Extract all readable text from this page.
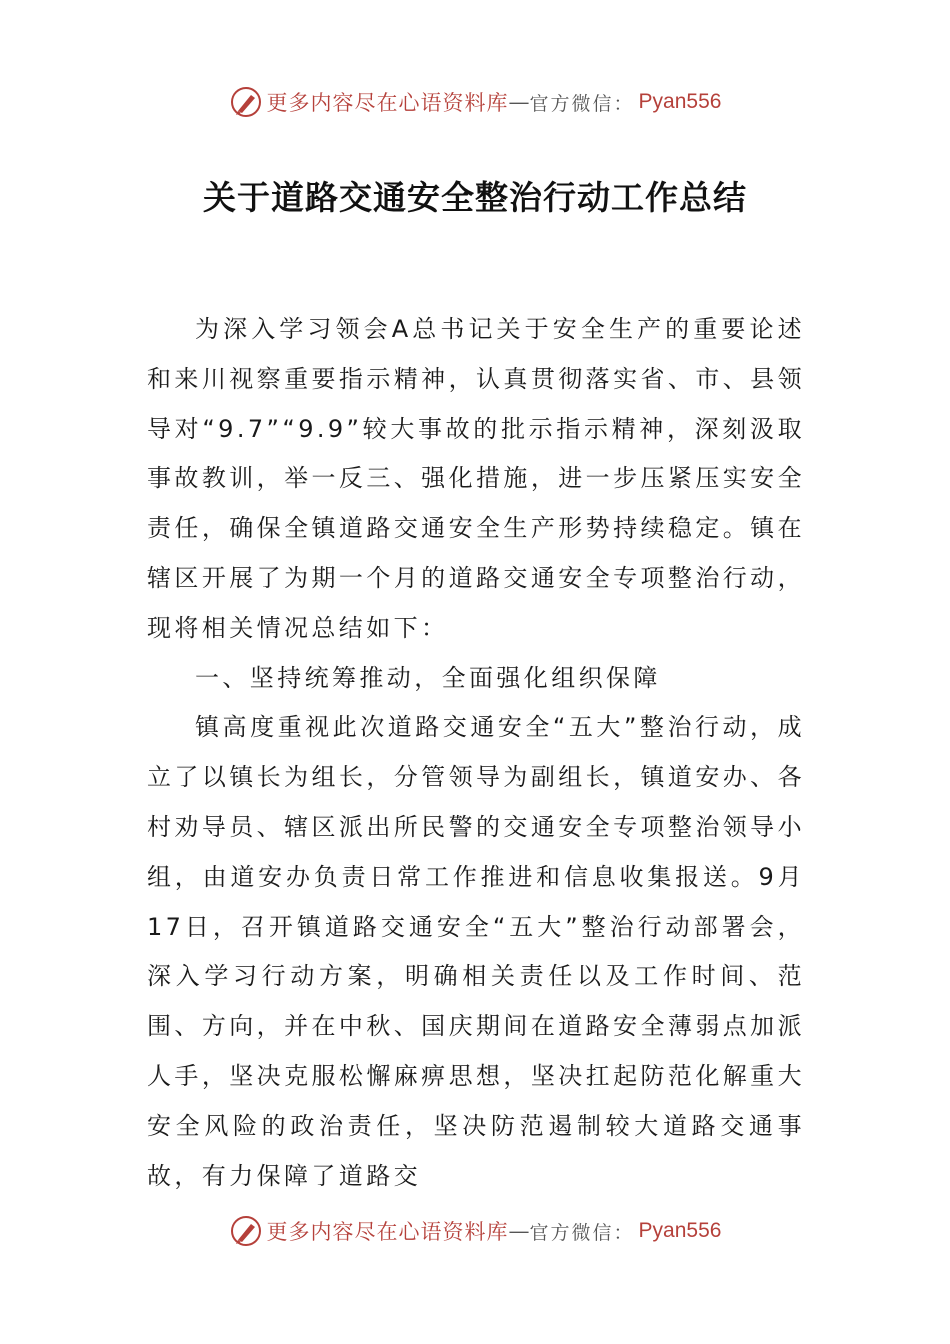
更多内容尽在心语资料库 — 官方微信： Pyan556
关于道路交通安全整治行动工作总结

为深入学习领会A总书记关于安全生产的重要论述和来川视察重要指示精神，认真贯彻落实省、市、县领导对“9.7”“9.9”较大事故的批示指示精神，深刻汲取事故教训，举一反三、强化措施，进一步压紧压实安全责任，确保全镇道路交通安全生产形势持续稳定。镇在辖区开展了为期一个月的道路交通安全专项整治行动，现将相关情况总结如下：

一、坚持统筹推动，全面强化组织保障

镇高度重视此次道路交通安全“五大”整治行动，成立了以镇长为组长，分管领导为副组长，镇道安办、各村劝导员、辖区派出所民警的交通安全专项整治领导小组，由道安办负责日常工作推进和信息收集报送。9月17日，召开镇道路交通安全“五大”整治行动部署会，深入学习行动方案，明确相关责任以及工作时间、范围、方向，并在中秋、国庆期间在道路安全薄弱点加派人手，坚决克服松懈麻痹思想，坚决扛起防范化解重大安全风险的政治责任，坚决防范遏制较大道路交通事故，有力保障了道路交

更多内容尽在心语资料库 — 官方微信： Pyan556
